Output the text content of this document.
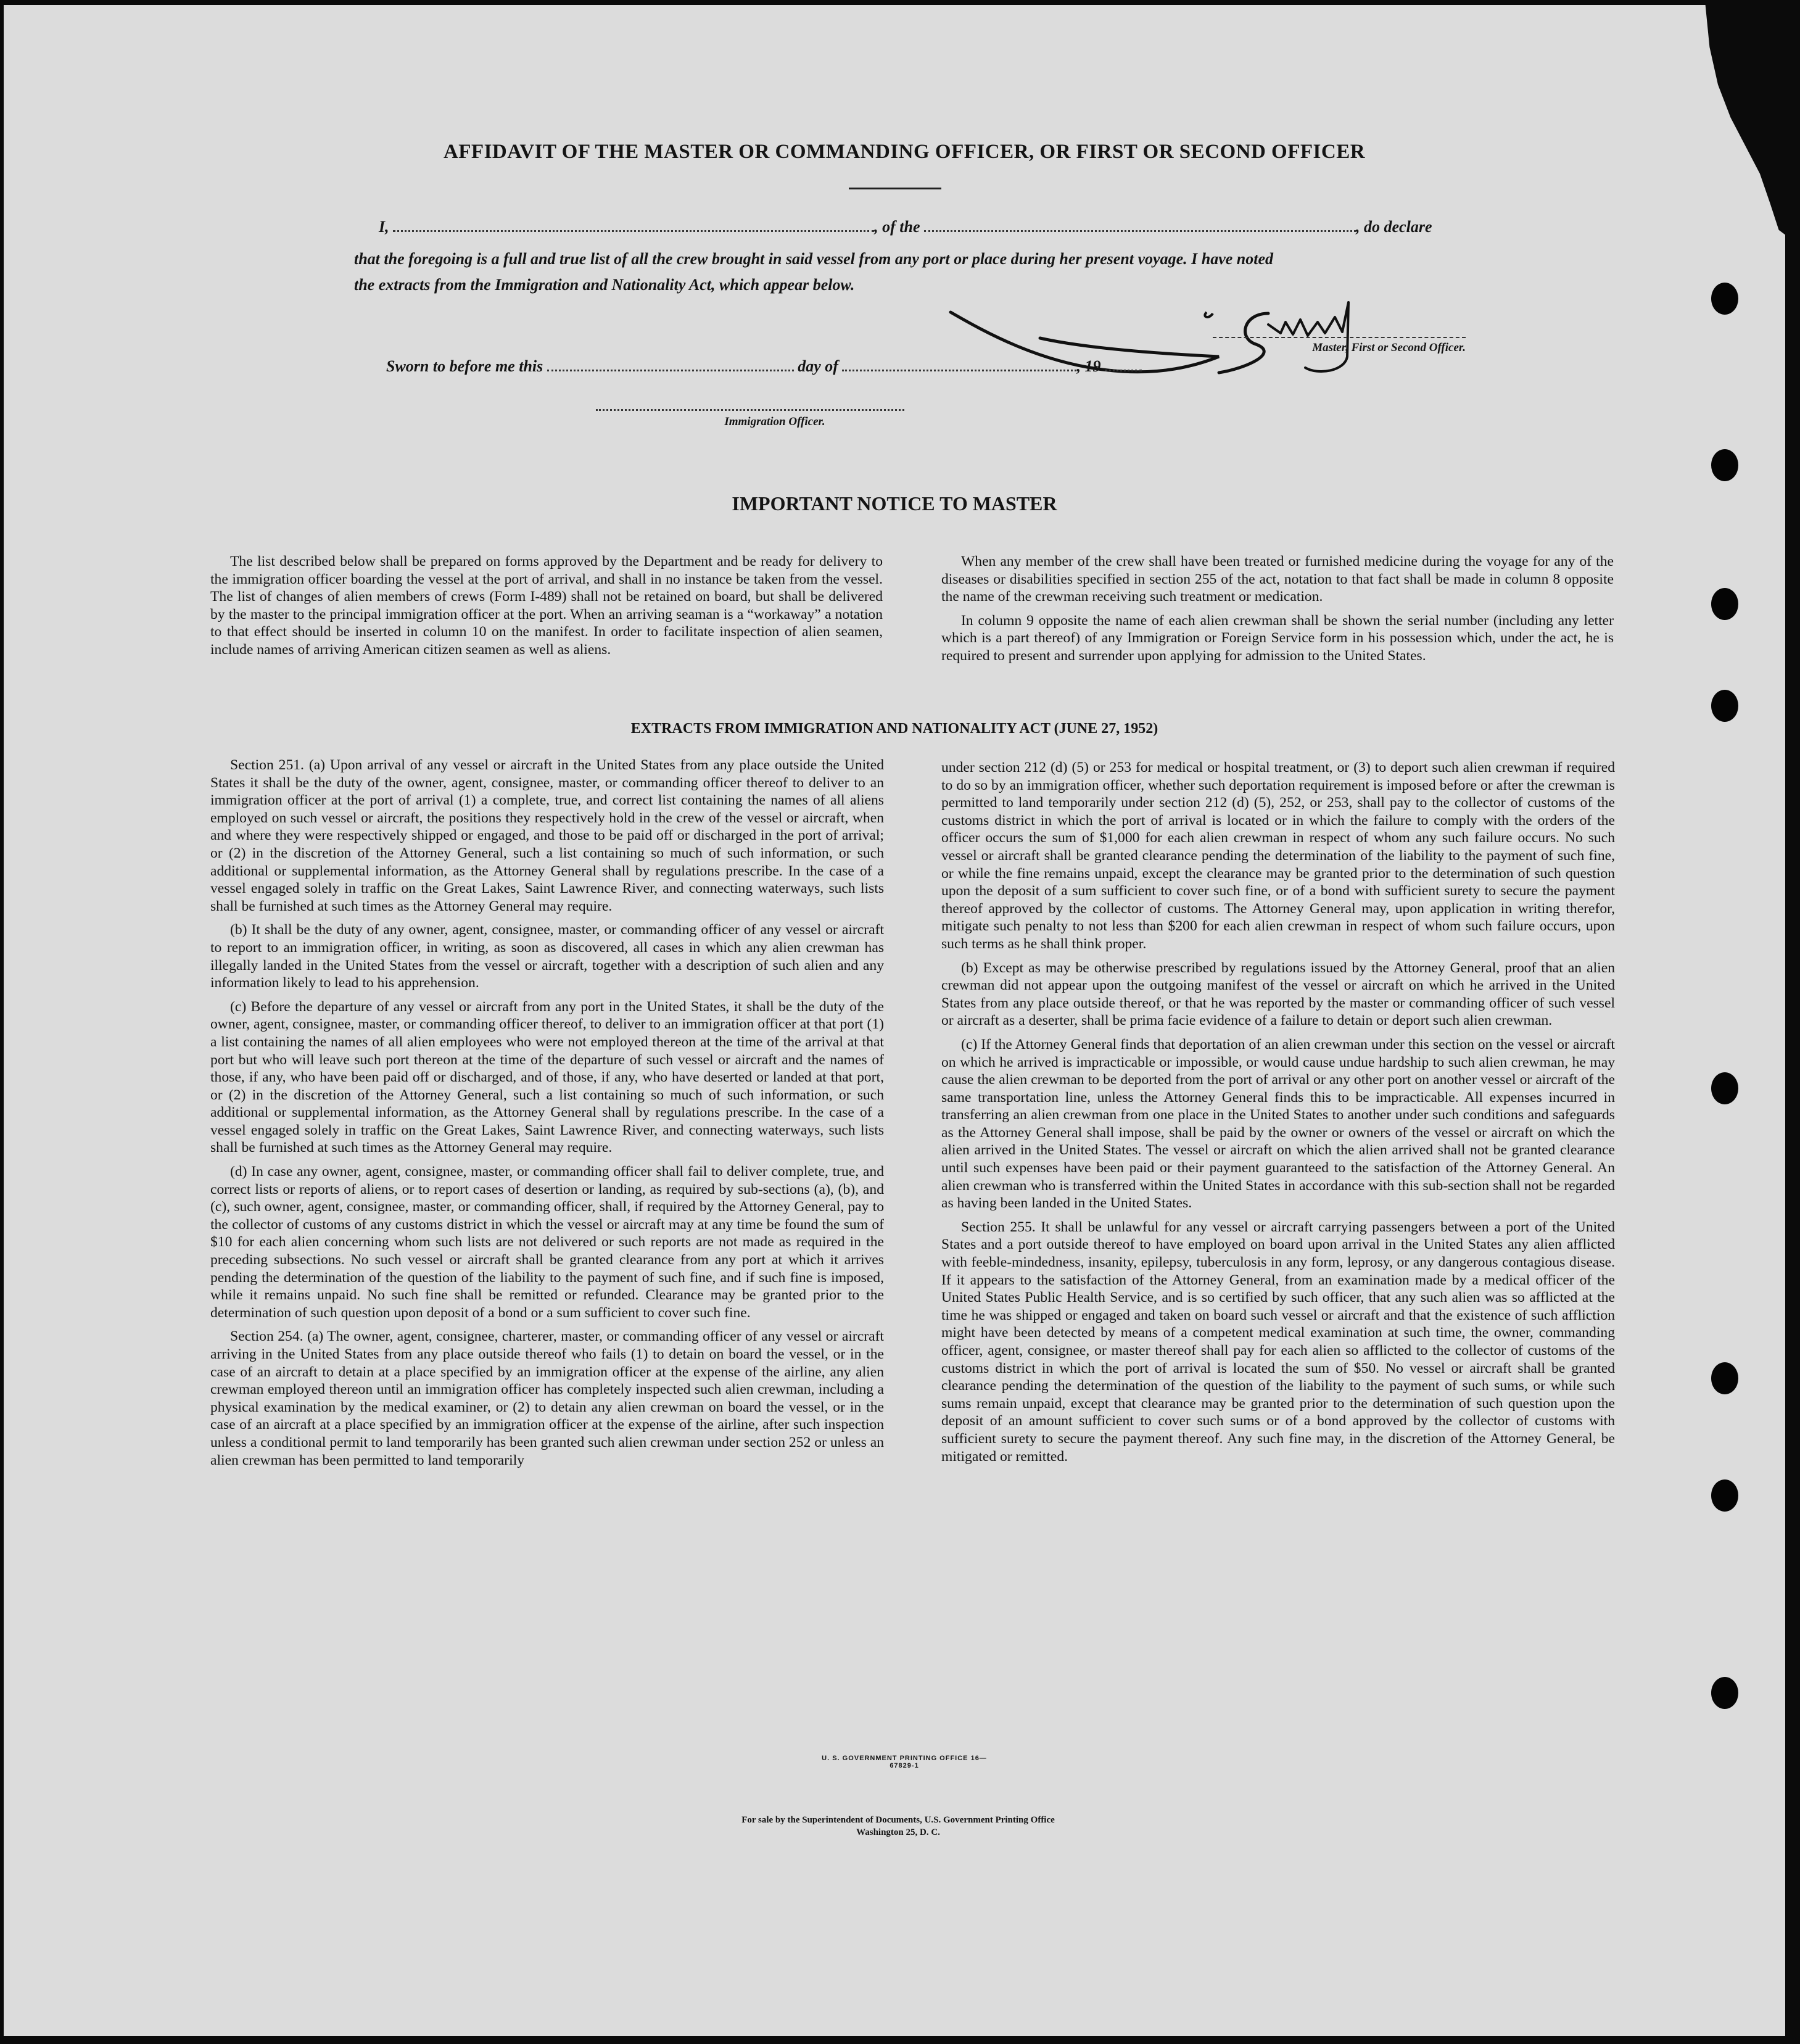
AFFIDAVIT OF THE MASTER OR COMMANDING OFFICER, OR FIRST OR SECOND OFFICER
I,	, of the	, do declare
that the foregoing is a full and true list of all the crew brought in said vessel from any port or place during her present voyage. I have noted
the extracts from the Immigration and Nationality Act, which appear below.
Master, First or Second Officer.
Sworn to before me this	day of	, 19
Immigration Officer.
IMPORTANT NOTICE TO MASTER

The list described below shall be prepared on forms approved by the Department and be ready for delivery to the immigration officer boarding the vessel at the port of arrival, and shall in no instance be taken from the vessel. The list of changes of alien members of crews (Form I-489) shall not be retained on board, but shall be delivered by the master to the principal immigration officer at the port. When an arriving seaman is a “workaway” a notation to that effect should be inserted in column 10 on the manifest. In order to facilitate inspection of alien seamen, include names of arriving American citizen seamen as well as aliens.

When any member of the crew shall have been treated or furnished medicine during the voyage for any of the diseases or disabilities specified in section 255 of the act, notation to that fact shall be made in column 8 opposite the name of the crewman receiving such treatment or medication.

In column 9 opposite the name of each alien crewman shall be shown the serial number (including any letter which is a part thereof) of any Immigration or Foreign Service form in his possession which, under the act, he is required to present and surrender upon applying for admission to the United States.

EXTRACTS FROM IMMIGRATION AND NATIONALITY ACT (JUNE 27, 1952)

Section 251. (a) Upon arrival of any vessel or aircraft in the United States from any place outside the United States it shall be the duty of the owner, agent, consignee, master, or commanding officer thereof to deliver to an immigration officer at the port of arrival (1) a complete, true, and correct list containing the names of all aliens employed on such vessel or aircraft, the positions they respectively hold in the crew of the vessel or aircraft, when and where they were respectively shipped or engaged, and those to be paid off or discharged in the port of arrival; or (2) in the discretion of the Attorney General, such a list containing so much of such information, or such additional or supplemental information, as the Attorney General shall by regulations prescribe. In the case of a vessel engaged solely in traffic on the Great Lakes, Saint Lawrence River, and connecting waterways, such lists shall be furnished at such times as the Attorney General may require.

(b) It shall be the duty of any owner, agent, consignee, master, or commanding officer of any vessel or aircraft to report to an immigration officer, in writing, as soon as discovered, all cases in which any alien crewman has illegally landed in the United States from the vessel or aircraft, together with a description of such alien and any information likely to lead to his apprehension.

(c) Before the departure of any vessel or aircraft from any port in the United States, it shall be the duty of the owner, agent, consignee, master, or commanding officer thereof, to deliver to an immigration officer at that port (1) a list containing the names of all alien employees who were not employed thereon at the time of the arrival at that port but who will leave such port thereon at the time of the departure of such vessel or aircraft and the names of those, if any, who have been paid off or discharged, and of those, if any, who have deserted or landed at that port, or (2) in the discretion of the Attorney General, such a list containing so much of such information, or such additional or supplemental information, as the Attorney General shall by regulations prescribe. In the case of a vessel engaged solely in traffic on the Great Lakes, Saint Lawrence River, and connecting waterways, such lists shall be furnished at such times as the Attorney General may require.

(d) In case any owner, agent, consignee, master, or commanding officer shall fail to deliver complete, true, and correct lists or reports of aliens, or to report cases of desertion or landing, as required by sub-sections (a), (b), and (c), such owner, agent, consignee, master, or commanding officer, shall, if required by the Attorney General, pay to the collector of customs of any customs district in which the vessel or aircraft may at any time be found the sum of $10 for each alien concerning whom such lists are not delivered or such reports are not made as required in the preceding subsections. No such vessel or aircraft shall be granted clearance from any port at which it arrives pending the determination of the question of the liability to the payment of such fine, and if such fine is imposed, while it remains unpaid. No such fine shall be remitted or refunded. Clearance may be granted prior to the determination of such question upon deposit of a bond or a sum sufficient to cover such fine.

Section 254. (a) The owner, agent, consignee, charterer, master, or commanding officer of any vessel or aircraft arriving in the United States from any place outside thereof who fails (1) to detain on board the vessel, or in the case of an aircraft to detain at a place specified by an immigration officer at the expense of the airline, any alien crewman employed thereon until an immigration officer has completely inspected such alien crewman, including a physical examination by the medical examiner, or (2) to detain any alien crewman on board the vessel, or in the case of an aircraft at a place specified by an immigration officer at the expense of the airline, after such inspection unless a conditional permit to land temporarily has been granted such alien crewman under section 252 or unless an alien crewman has been permitted to land temporarily

under section 212 (d) (5) or 253 for medical or hospital treatment, or (3) to deport such alien crewman if required to do so by an immigration officer, whether such deportation requirement is imposed before or after the crewman is permitted to land temporarily under section 212 (d) (5), 252, or 253, shall pay to the collector of customs of the customs district in which the port of arrival is located or in which the failure to comply with the orders of the officer occurs the sum of $1,000 for each alien crewman in respect of whom any such failure occurs. No such vessel or aircraft shall be granted clearance pending the determination of the liability to the payment of such fine, or while the fine remains unpaid, except the clearance may be granted prior to the determination of such question upon the deposit of a sum sufficient to cover such fine, or of a bond with sufficient surety to secure the payment thereof approved by the collector of customs. The Attorney General may, upon application in writing therefor, mitigate such penalty to not less than $200 for each alien crewman in respect of whom such failure occurs, upon such terms as he shall think proper.

(b) Except as may be otherwise prescribed by regulations issued by the Attorney General, proof that an alien crewman did not appear upon the outgoing manifest of the vessel or aircraft on which he arrived in the United States from any place outside thereof, or that he was reported by the master or commanding officer of such vessel or aircraft as a deserter, shall be prima facie evidence of a failure to detain or deport such alien crewman.

(c) If the Attorney General finds that deportation of an alien crewman under this section on the vessel or aircraft on which he arrived is impracticable or impossible, or would cause undue hardship to such alien crewman, he may cause the alien crewman to be deported from the port of arrival or any other port on another vessel or aircraft of the same transportation line, unless the Attorney General finds this to be impracticable. All expenses incurred in transferring an alien crewman from one place in the United States to another under such conditions and safeguards as the Attorney General shall impose, shall be paid by the owner or owners of the vessel or aircraft on which the alien arrived in the United States. The vessel or aircraft on which the alien arrived shall not be granted clearance until such expenses have been paid or their payment guaranteed to the satisfaction of the Attorney General. An alien crewman who is transferred within the United States in accordance with this sub-section shall not be regarded as having been landed in the United States.

Section 255. It shall be unlawful for any vessel or aircraft carrying passengers between a port of the United States and a port outside thereof to have employed on board upon arrival in the United States any alien afflicted with feeble-mindedness, insanity, epilepsy, tuberculosis in any form, leprosy, or any dangerous contagious disease. If it appears to the satisfaction of the Attorney General, from an examination made by a medical officer of the United States Public Health Service, and is so certified by such officer, that any such alien was so afflicted at the time he was shipped or engaged and taken on board such vessel or aircraft and that the existence of such affliction might have been detected by means of a competent medical examination at such time, the owner, commanding officer, agent, consignee, or master thereof shall pay for each alien so afflicted to the collector of customs of the customs district in which the port of arrival is located the sum of $50. No vessel or aircraft shall be granted clearance pending the determination of the question of the liability to the payment of such sums, or while such sums remain unpaid, except that clearance may be granted prior to the determination of such question upon the deposit of an amount sufficient to cover such sums or of a bond approved by the collector of customs with sufficient surety to secure the payment thereof. Any such fine may, in the discretion of the Attorney General, be mitigated or remitted.

U. S. GOVERNMENT PRINTING OFFICE 16—67829-1
For sale by the Superintendent of Documents, U.S. Government Printing Office
Washington 25, D. C.
